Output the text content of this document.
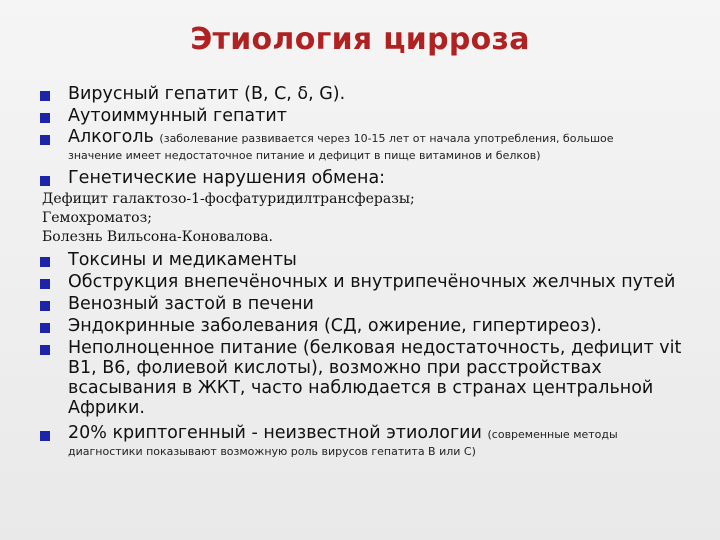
Этиология цирроза
Вирусный гепатит (В, С, δ, G).
Аутоиммунный гепатит
Алкоголь (заболевание развивается через 10-15 лет от начала употребления, большое
значение имеет недостаточное питание и дефицит в пище витаминов и белков)
Генетические нарушения обмена:
Дефицит галактозо-1-фосфатуридилтрансферазы;
Гемохроматоз;
Болезнь Вильсона-Коновалова.
Токсины и медикаменты
Обструкция внепечёночных и внутрипечёночных желчных путей
Венозный застой в печени
Эндокринные заболевания (СД, ожирение, гипертиреоз).
Неполноценное питание (белковая недостаточность, дефицит vit
В1, В6, фолиевой кислоты), возможно при расстройствах
всасывания в ЖКТ, часто наблюдается в странах центральной
Африки.
20% криптогенный - неизвестной этиологии (современные методы
диагностики показывают возможную роль вирусов гепатита В или С)
